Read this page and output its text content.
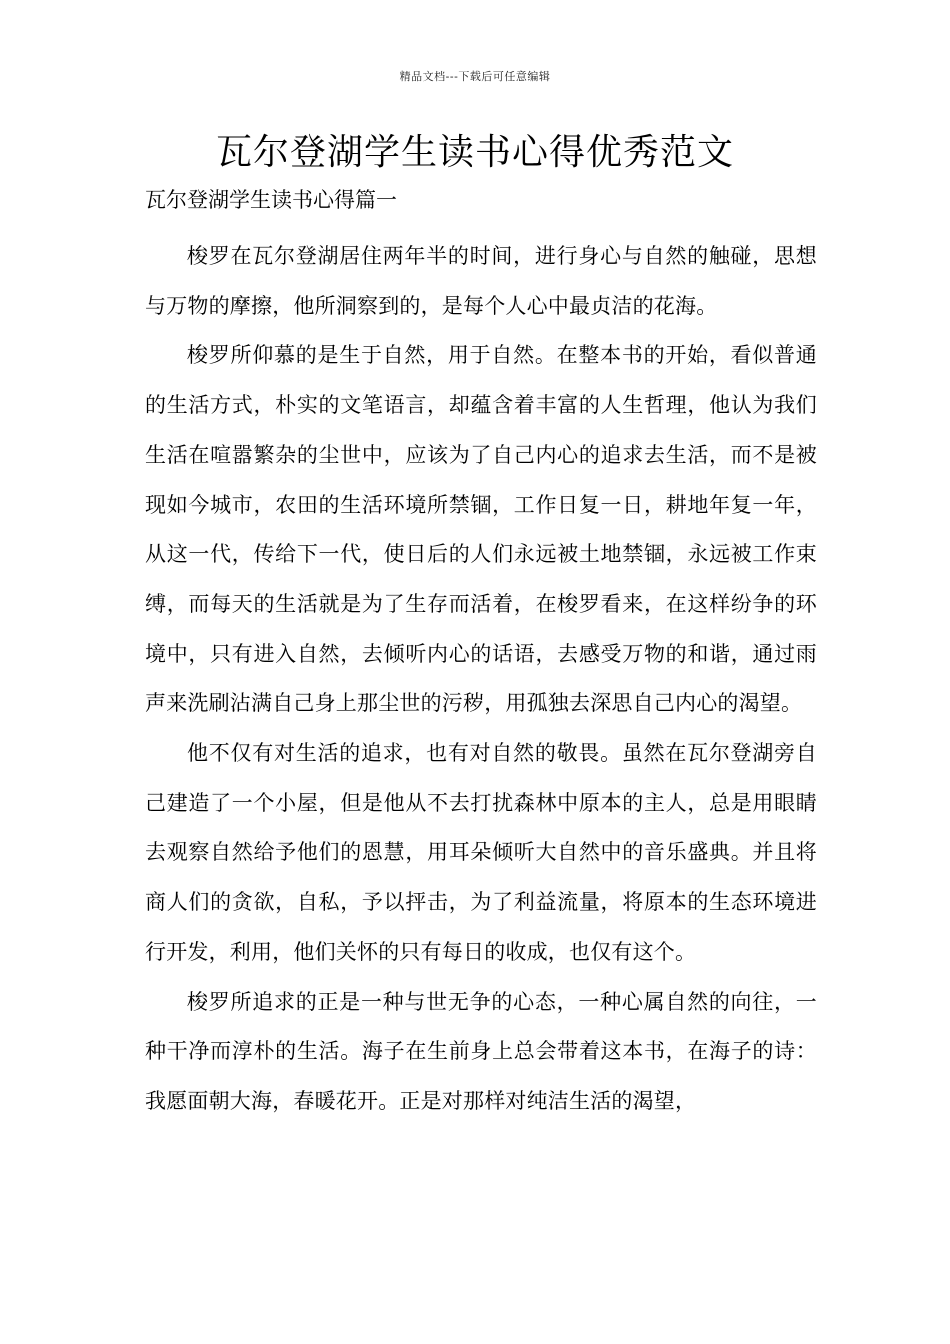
精品文档---下载后可任意编辑
瓦尔登湖学生读书心得优秀范文

瓦尔登湖学生读书心得篇一

梭罗在瓦尔登湖居住两年半的时间，进行身心与自然的触碰，思想与万物的摩擦，他所洞察到的，是每个人心中最贞洁的花海。

梭罗所仰慕的是生于自然，用于自然。在整本书的开始，看似普通的生活方式，朴实的文笔语言，却蕴含着丰富的人生哲理，他认为我们生活在喧嚣繁杂的尘世中，应该为了自己内心的追求去生活，而不是被现如今城市，农田的生活环境所禁锢，工作日复一日，耕地年复一年，从这一代，传给下一代，使日后的人们永远被土地禁锢，永远被工作束缚，而每天的生活就是为了生存而活着，在梭罗看来，在这样纷争的环境中，只有进入自然，去倾听内心的话语，去感受万物的和谐，通过雨声来洗刷沾满自己身上那尘世的污秽，用孤独去深思自己内心的渴望。

他不仅有对生活的追求，也有对自然的敬畏。虽然在瓦尔登湖旁自己建造了一个小屋，但是他从不去打扰森林中原本的主人，总是用眼睛去观察自然给予他们的恩慧，用耳朵倾听大自然中的音乐盛典。并且将商人们的贪欲，自私，予以抨击，为了利益流量，将原本的生态环境进行开发，利用，他们关怀的只有每日的收成，也仅有这个。

梭罗所追求的正是一种与世无争的心态，一种心属自然的向往，一种干净而淳朴的生活。海子在生前身上总会带着这本书，在海子的诗：我愿面朝大海，春暖花开。正是对那样对纯洁生活的渴望，
